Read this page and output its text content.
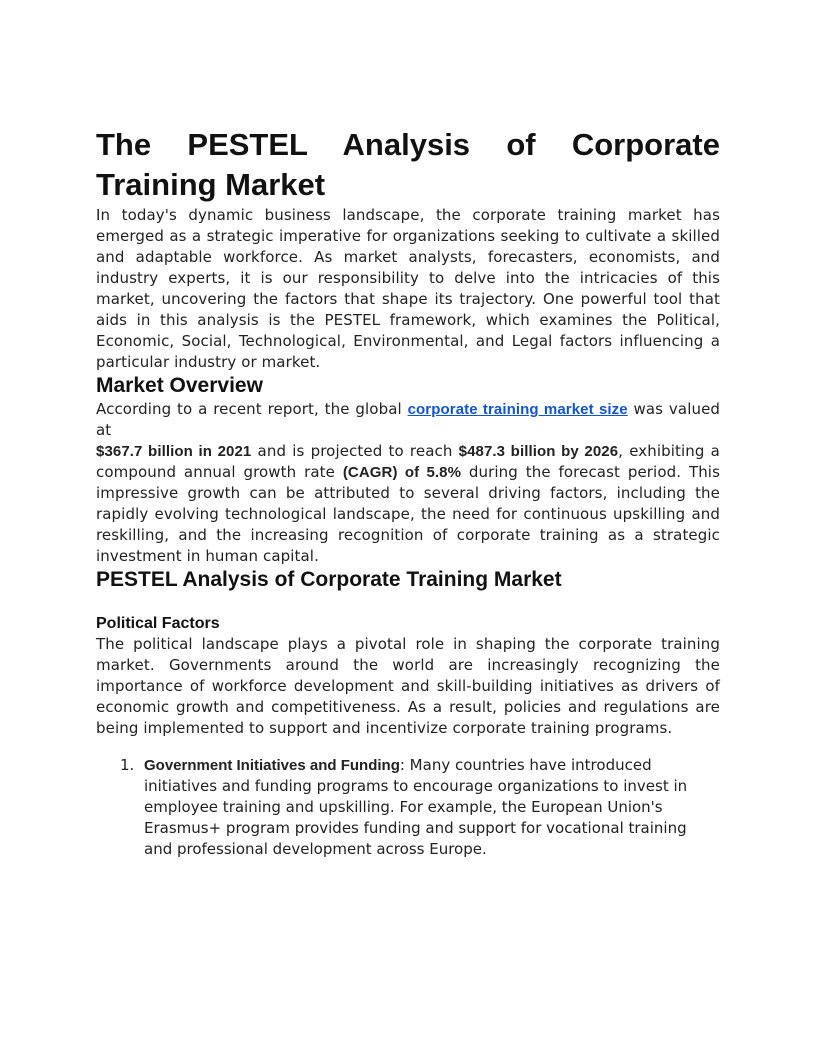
The PESTEL Analysis of Corporate
Training Market

In today's dynamic business landscape, the corporate training market has emerged as a strategic imperative for organizations seeking to cultivate a skilled and adaptable workforce. As market analysts, forecasters, economists, and industry experts, it is our responsibility to delve into the intricacies of this market, uncovering the factors that shape its trajectory. One powerful tool that aids in this analysis is the PESTEL framework, which examines the Political, Economic, Social, Technological, Environmental, and Legal factors influencing a particular industry or market.

Market Overview

According to a recent report, the global corporate training market size was valued at
$367.7 billion in 2021 and is projected to reach $487.3 billion by 2026, exhibiting a compound annual growth rate (CAGR) of 5.8% during the forecast period. This impressive growth can be attributed to several driving factors, including the rapidly evolving technological landscape, the need for continuous upskilling and reskilling, and the increasing recognition of corporate training as a strategic investment in human capital.

PESTEL Analysis of Corporate Training Market
Political Factors

The political landscape plays a pivotal role in shaping the corporate training market. Governments around the world are increasingly recognizing the importance of workforce development and skill-building initiatives as drivers of economic growth and competitiveness. As a result, policies and regulations are being implemented to support and incentivize corporate training programs.

1. Government Initiatives and Funding: Many countries have introduced initiatives and funding programs to encourage organizations to invest in employee training and upskilling. For example, the European Union's Erasmus+ program provides funding and support for vocational training and professional development across Europe.
